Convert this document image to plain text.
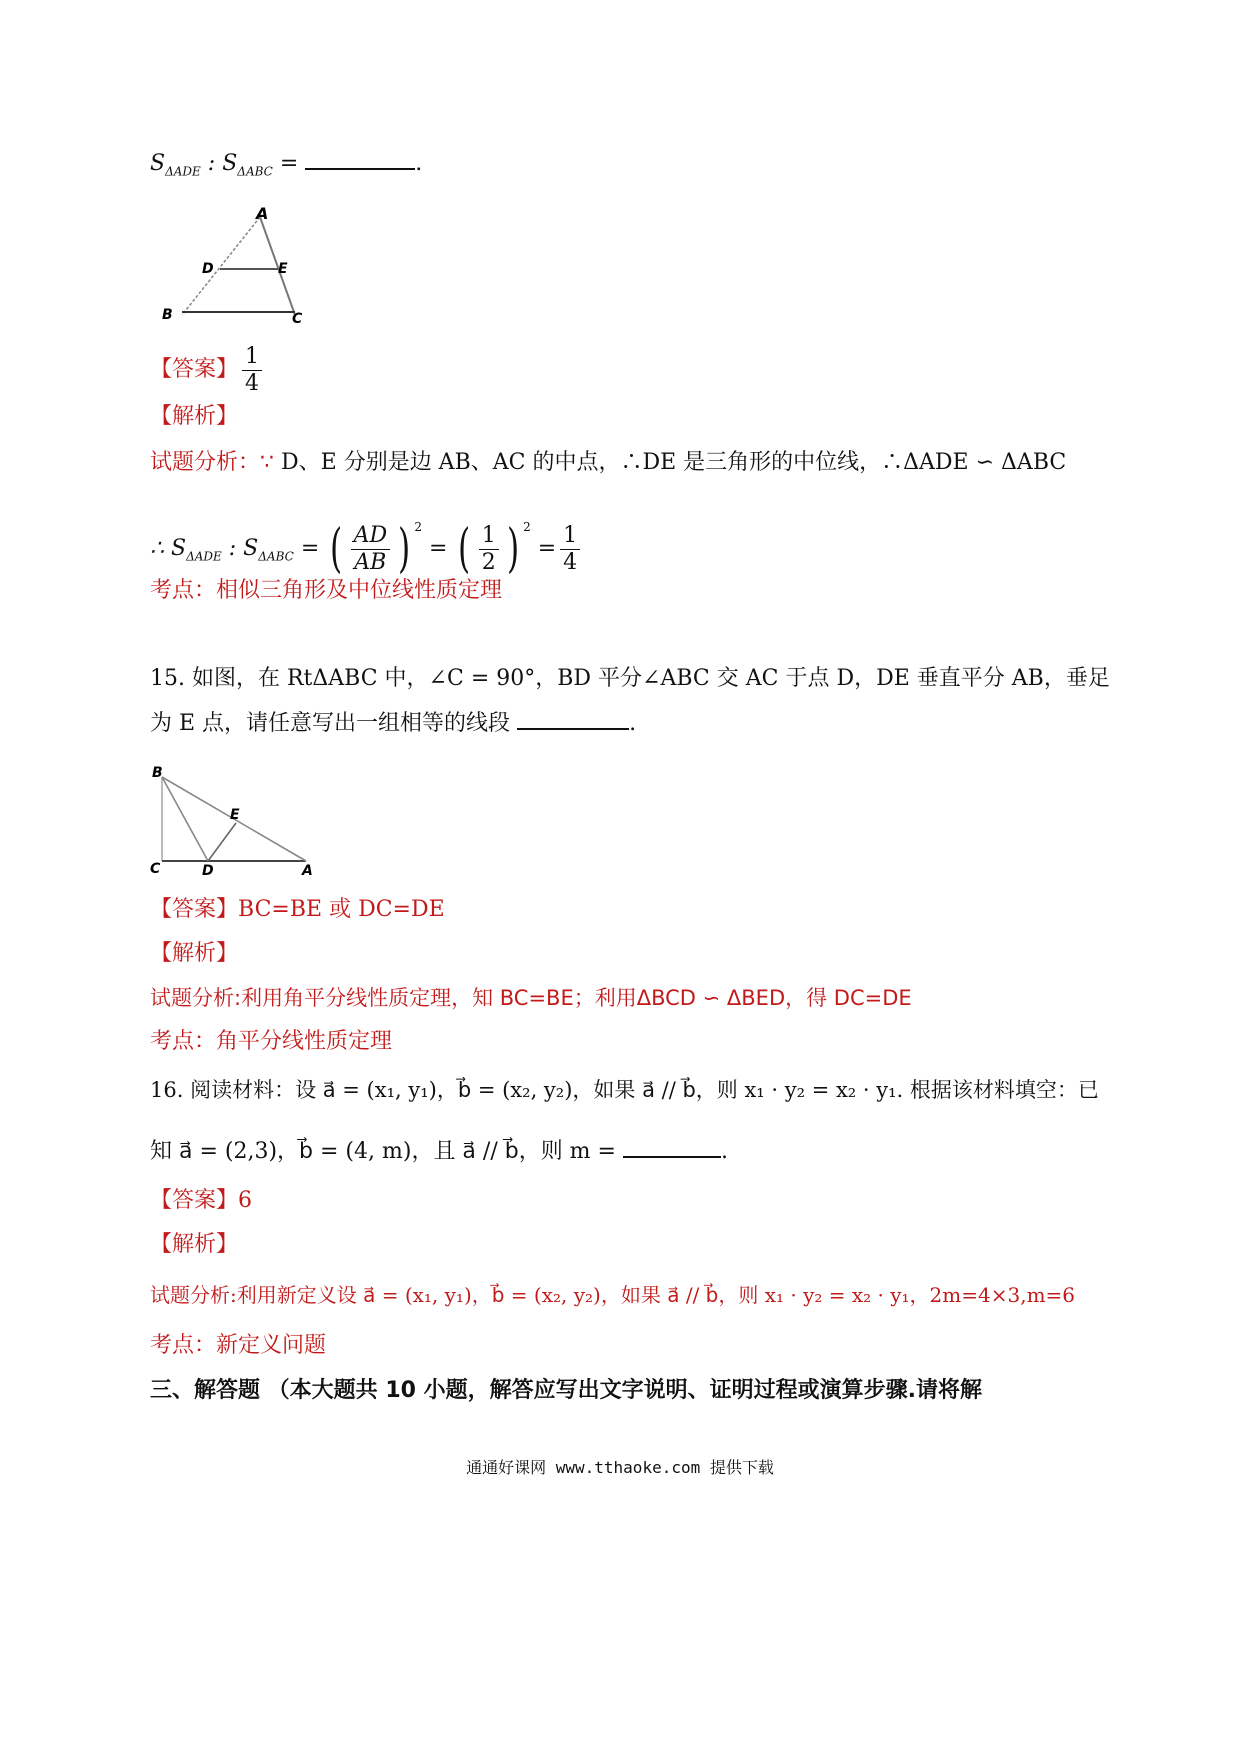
$S_{\Delta ADE}$ : $S_{\Delta ABC}$ =	.
A
D	E
B	C
【答案】 $\frac{1}{4}$
【解析】
试题分析：∵ D、E 分别是边 AB、AC 的中点，∴DE 是三角形的中位线，∴ΔADE ∽ ΔABC
∴ $S_{\Delta ADE}$ : $S_{\Delta ABC}$ = ( $\frac{AD}{AB}$ ) $^2$ = ( $\frac{1}{2}$ ) $^2 = \frac{1}{4}$
考点：相似三角形及中位线性质定理
15. 如图，在 RtΔABC 中，∠C = 90°，BD 平分∠ABC 交 AC 于点 D，DE 垂直平分 AB，垂足
为 E 点，请任意写出一组相等的线段	.
B
E
C	D	A
【答案】BC=BE 或 DC=DE
【解析】
试题分析:利用角平分线性质定理，知 BC=BE；利用ΔBCD ∽ ΔBED，得 DC=DE
考点：角平分线性质定理
16. 阅读材料：设 a⃗ = (x₁, y₁)，b⃗ = (x₂, y₂)，如果 a⃗ // b⃗，则 x₁ · y₂ = x₂ · y₁. 根据该材料填空：已
知 a⃗ = (2,3)，b⃗ = (4, m)，且 a⃗ // b⃗，则 m =	.
【答案】6
【解析】
试题分析:利用新定义设 a⃗ = (x₁, y₁)，b⃗ = (x₂, y₂)，如果 a⃗ // b⃗，则 x₁ · y₂ = x₂ · y₁，2m=4×3,m=6
考点：新定义问题
三、解答题 （本大题共 10 小题，解答应写出文字说明、证明过程或演算步骤.请将解
通通好课网 www.tthaoke.com 提供下载
